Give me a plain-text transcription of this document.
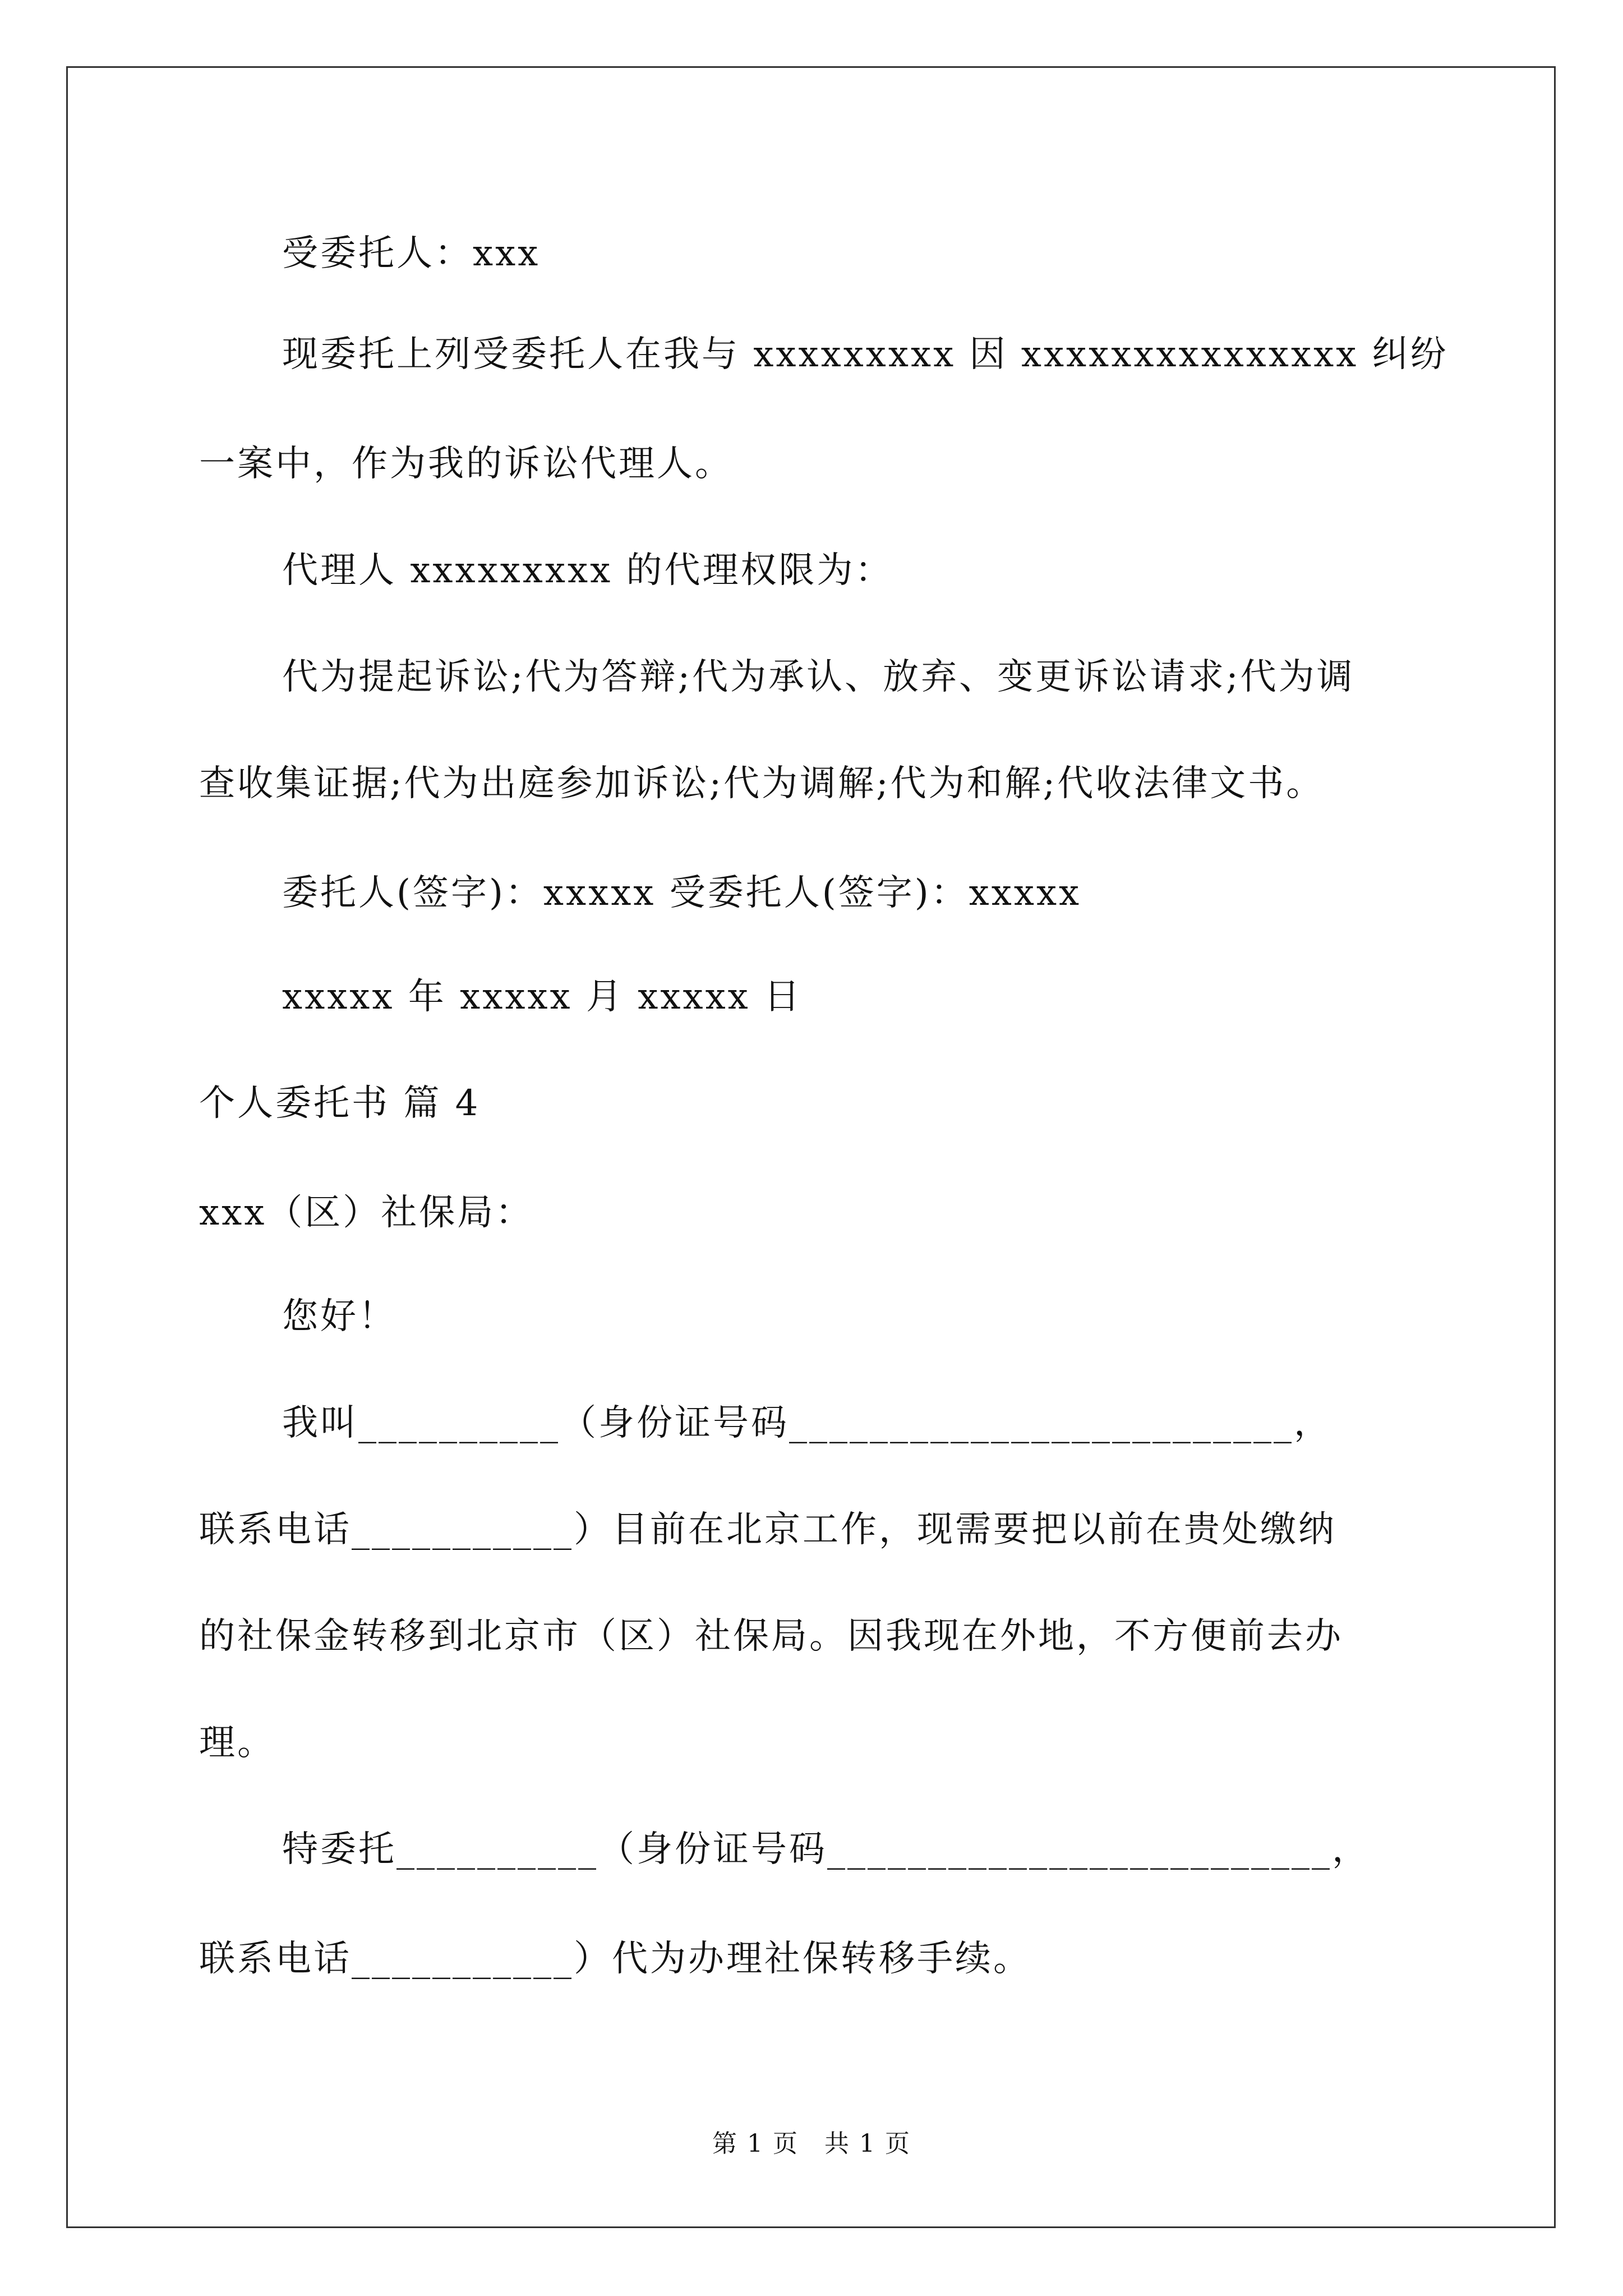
受委托人：xxx
现委托上列受委托人在我与 xxxxxxxxx 因 xxxxxxxxxxxxxxx 纠纷
一案中，作为我的诉讼代理人。
代理人 xxxxxxxxx 的代理权限为：
代为提起诉讼;代为答辩;代为承认、放弃、变更诉讼请求;代为调
查收集证据;代为出庭参加诉讼;代为调解;代为和解;代收法律文书。
委托人(签字)：xxxxx 受委托人(签字)：xxxxx
xxxxx 年 xxxxx 月 xxxxx 日
个人委托书 篇 4
xxx（区）社保局：
您好！
我叫__________（身份证号码_________________________，
联系电话___________）目前在北京工作，现需要把以前在贵处缴纳
的社保金转移到北京市（区）社保局。因我现在外地，不方便前去办
理。
特委托__________（身份证号码_________________________，
联系电话___________）代为办理社保转移手续。
第 1 页　共 1 页
